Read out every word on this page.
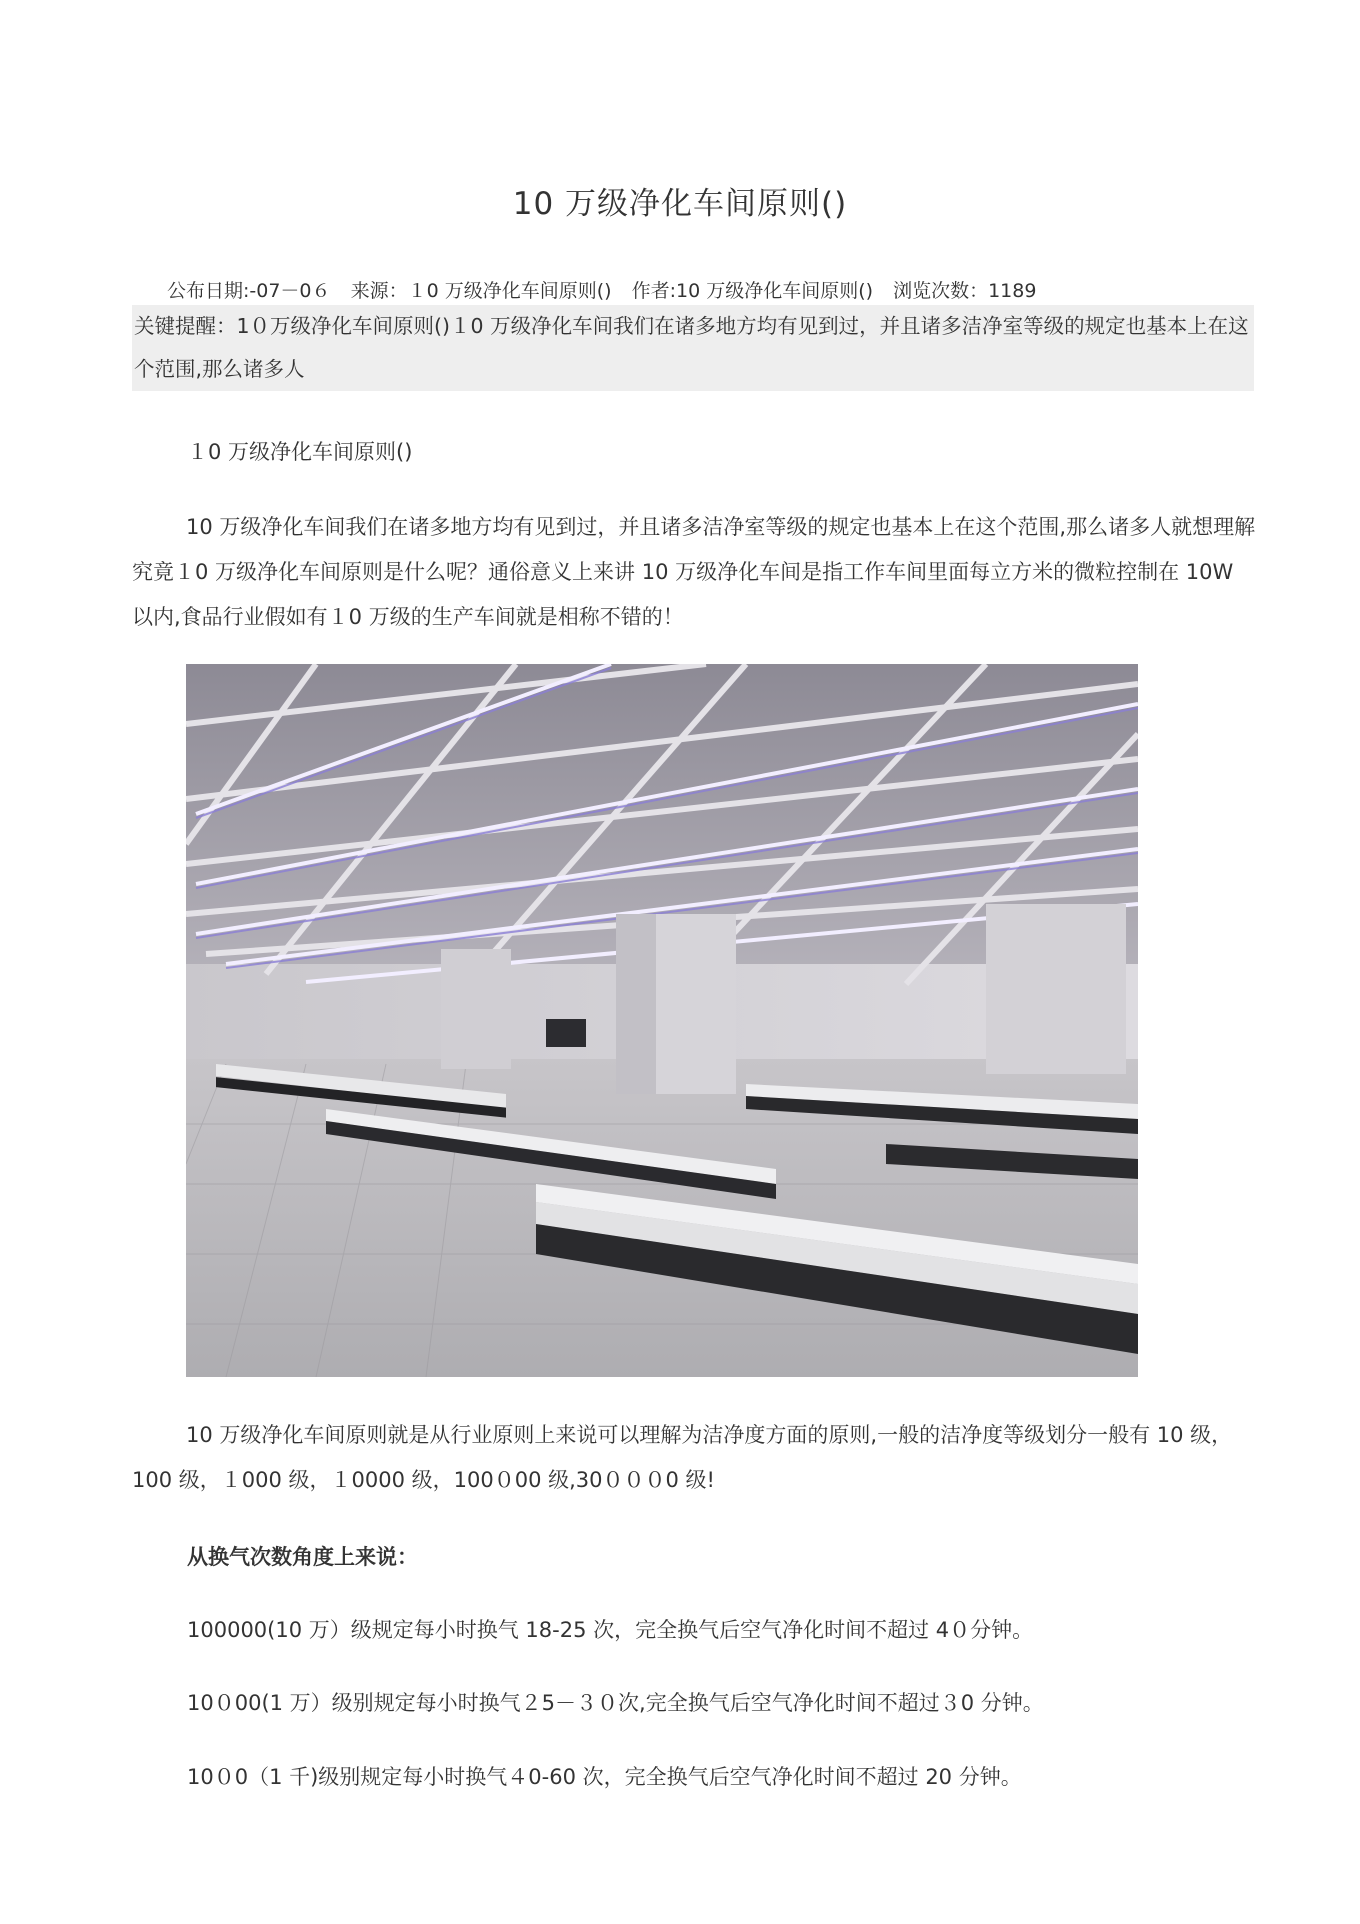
10 万级净化车间原则()
公布日期:-07－0６ 来源：１0 万级净化车间原则() 作者:10 万级净化车间原则() 浏览次数：1189
关键提醒：1０万级净化车间原则()１0 万级净化车间我们在诸多地方均有见到过，并且诸多洁净室等级的规定也基本上在这个范围,那么诸多人
１0 万级净化车间原则()
10 万级净化车间我们在诸多地方均有见到过，并且诸多洁净室等级的规定也基本上在这个范围,那么诸多人就想理解究竟１0 万级净化车间原则是什么呢？通俗意义上来讲 10 万级净化车间是指工作车间里面每立方米的微粒控制在 10W 以内,食品行业假如有１0 万级的生产车间就是相称不错的！
10 万级净化车间原则就是从行业原则上来说可以理解为洁净度方面的原则,一般的洁净度等级划分一般有 10 级，100 级，１000 级，１0000 级，100０00 级,30０００0 级!
从换气次数角度上来说：
100000(10 万）级规定每小时换气 18-25 次，完全换气后空气净化时间不超过 4０分钟。
10０00(1 万）级别规定每小时换气２5－３０次,完全换气后空气净化时间不超过３0 分钟。
10０0（1 千)级别规定每小时换气４0-60 次，完全换气后空气净化时间不超过 20 分钟。
